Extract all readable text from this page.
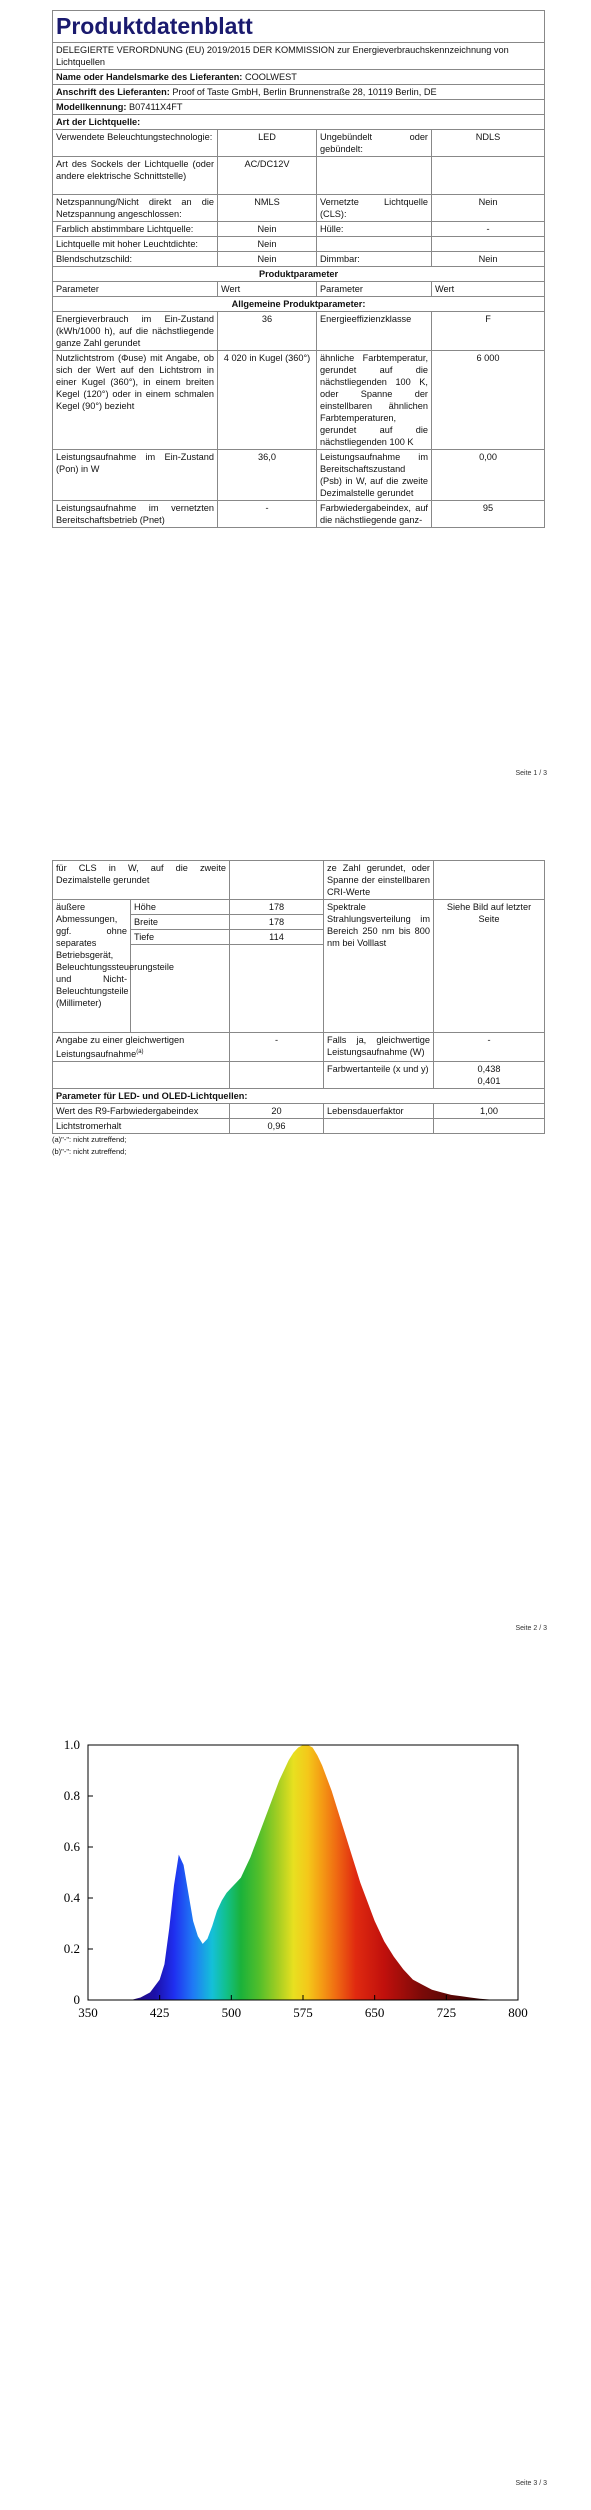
Produktdatenblatt			
DELEGIERTE VERORDNUNG (EU) 2019/2015 DER KOMMISSION zur Energieverbrauchskennzeichnung von Lichtquellen			
Name oder Handelsmarke des Lieferanten: COOLWEST			
Anschrift des Lieferanten: Proof of Taste GmbH, Berlin Brunnenstraße 28, 10119 Berlin, DE			
Modellkennung: B07411X4FT			
Art der Lichtquelle:			
Verwendete Beleuchtungstechnologie:	LED	Ungebündelt oder gebündelt:	NDLS
Art des Sockels der Lichtquelle (oder andere elektrische Schnittstelle)	AC/DC12V		
Netzspannung/Nicht direkt an die Netzspannung angeschlossen:	NMLS	Vernetzte Lichtquelle (CLS):	Nein
Farblich abstimmbare Lichtquelle:	Nein	Hülle:	-
Lichtquelle mit hoher Leuchtdichte:	Nein		
Blendschutzschild:	Nein	Dimmbar:	Nein
Produktparameter			
Parameter	Wert	Parameter	Wert
Allgemeine Produktparameter:			
Energieverbrauch im Ein-Zustand (kWh/1000 h), auf die nächstliegende ganze Zahl gerundet	36	Energieeffizienzklasse	F
Nutzlichtstrom (Φuse) mit Angabe, ob sich der Wert auf den Lichtstrom in einer Kugel (360°), in einem breiten Kegel (120°) oder in einem schmalen Kegel (90°) bezieht	4 020 in Kugel (360°)	ähnliche Farbtemperatur, gerundet auf die nächstliegenden 100 K, oder Spanne der einstellbaren ähnlichen Farbtemperaturen, gerundet auf die nächstliegenden 100 K	6 000
Leistungsaufnahme im Ein-Zustand (Pon) in W	36,0	Leistungsaufnahme im Bereitschaftszustand (Psb) in W, auf die zweite Dezimalstelle gerundet	0,00
Leistungsaufnahme im vernetzten Bereitschaftsbetrieb (Pnet)	-	Farbwiedergabeindex, auf die nächstliegende ganz-	95
Seite 1 / 3
für CLS in W, auf die zweite Dezimalstelle gerundet			ze Zahl gerundet, oder Spanne der einstellbaren CRI-Werte	
äußere Abmessungen, ggf. ohne separates Betriebsgerät, Beleuchtungssteuerungsteile und Nicht-Beleuchtungsteile (Millimeter)	Höhe	178	Spektrale Strahlungsverteilung im Bereich 250 nm bis 800 nm bei Volllast	Siehe Bild auf letzter Seite
	Breite	178		
	Tiefe	114		

Angabe zu einer gleichwertigen Leistungsaufnahme$^{(a)}$		-	Falls ja, gleichwertige Leistungsaufnahme (W)	-
			Farbwertanteile (x und y)	0,438
0,401

Parameter für LED- und OLED-Lichtquellen:				
Wert des R9-Farbwiedergabeindex		20	Lebensdauerfaktor	1,00
Lichtstromerhalt		0,96		
(a)"-": nicht zutreffend;
(b)"-": nicht zutreffend;
Seite 2 / 3
350	425	500	575	650	725	800
0
0.2
0.4
0.6
0.8
1.0
Seite 3 / 3
